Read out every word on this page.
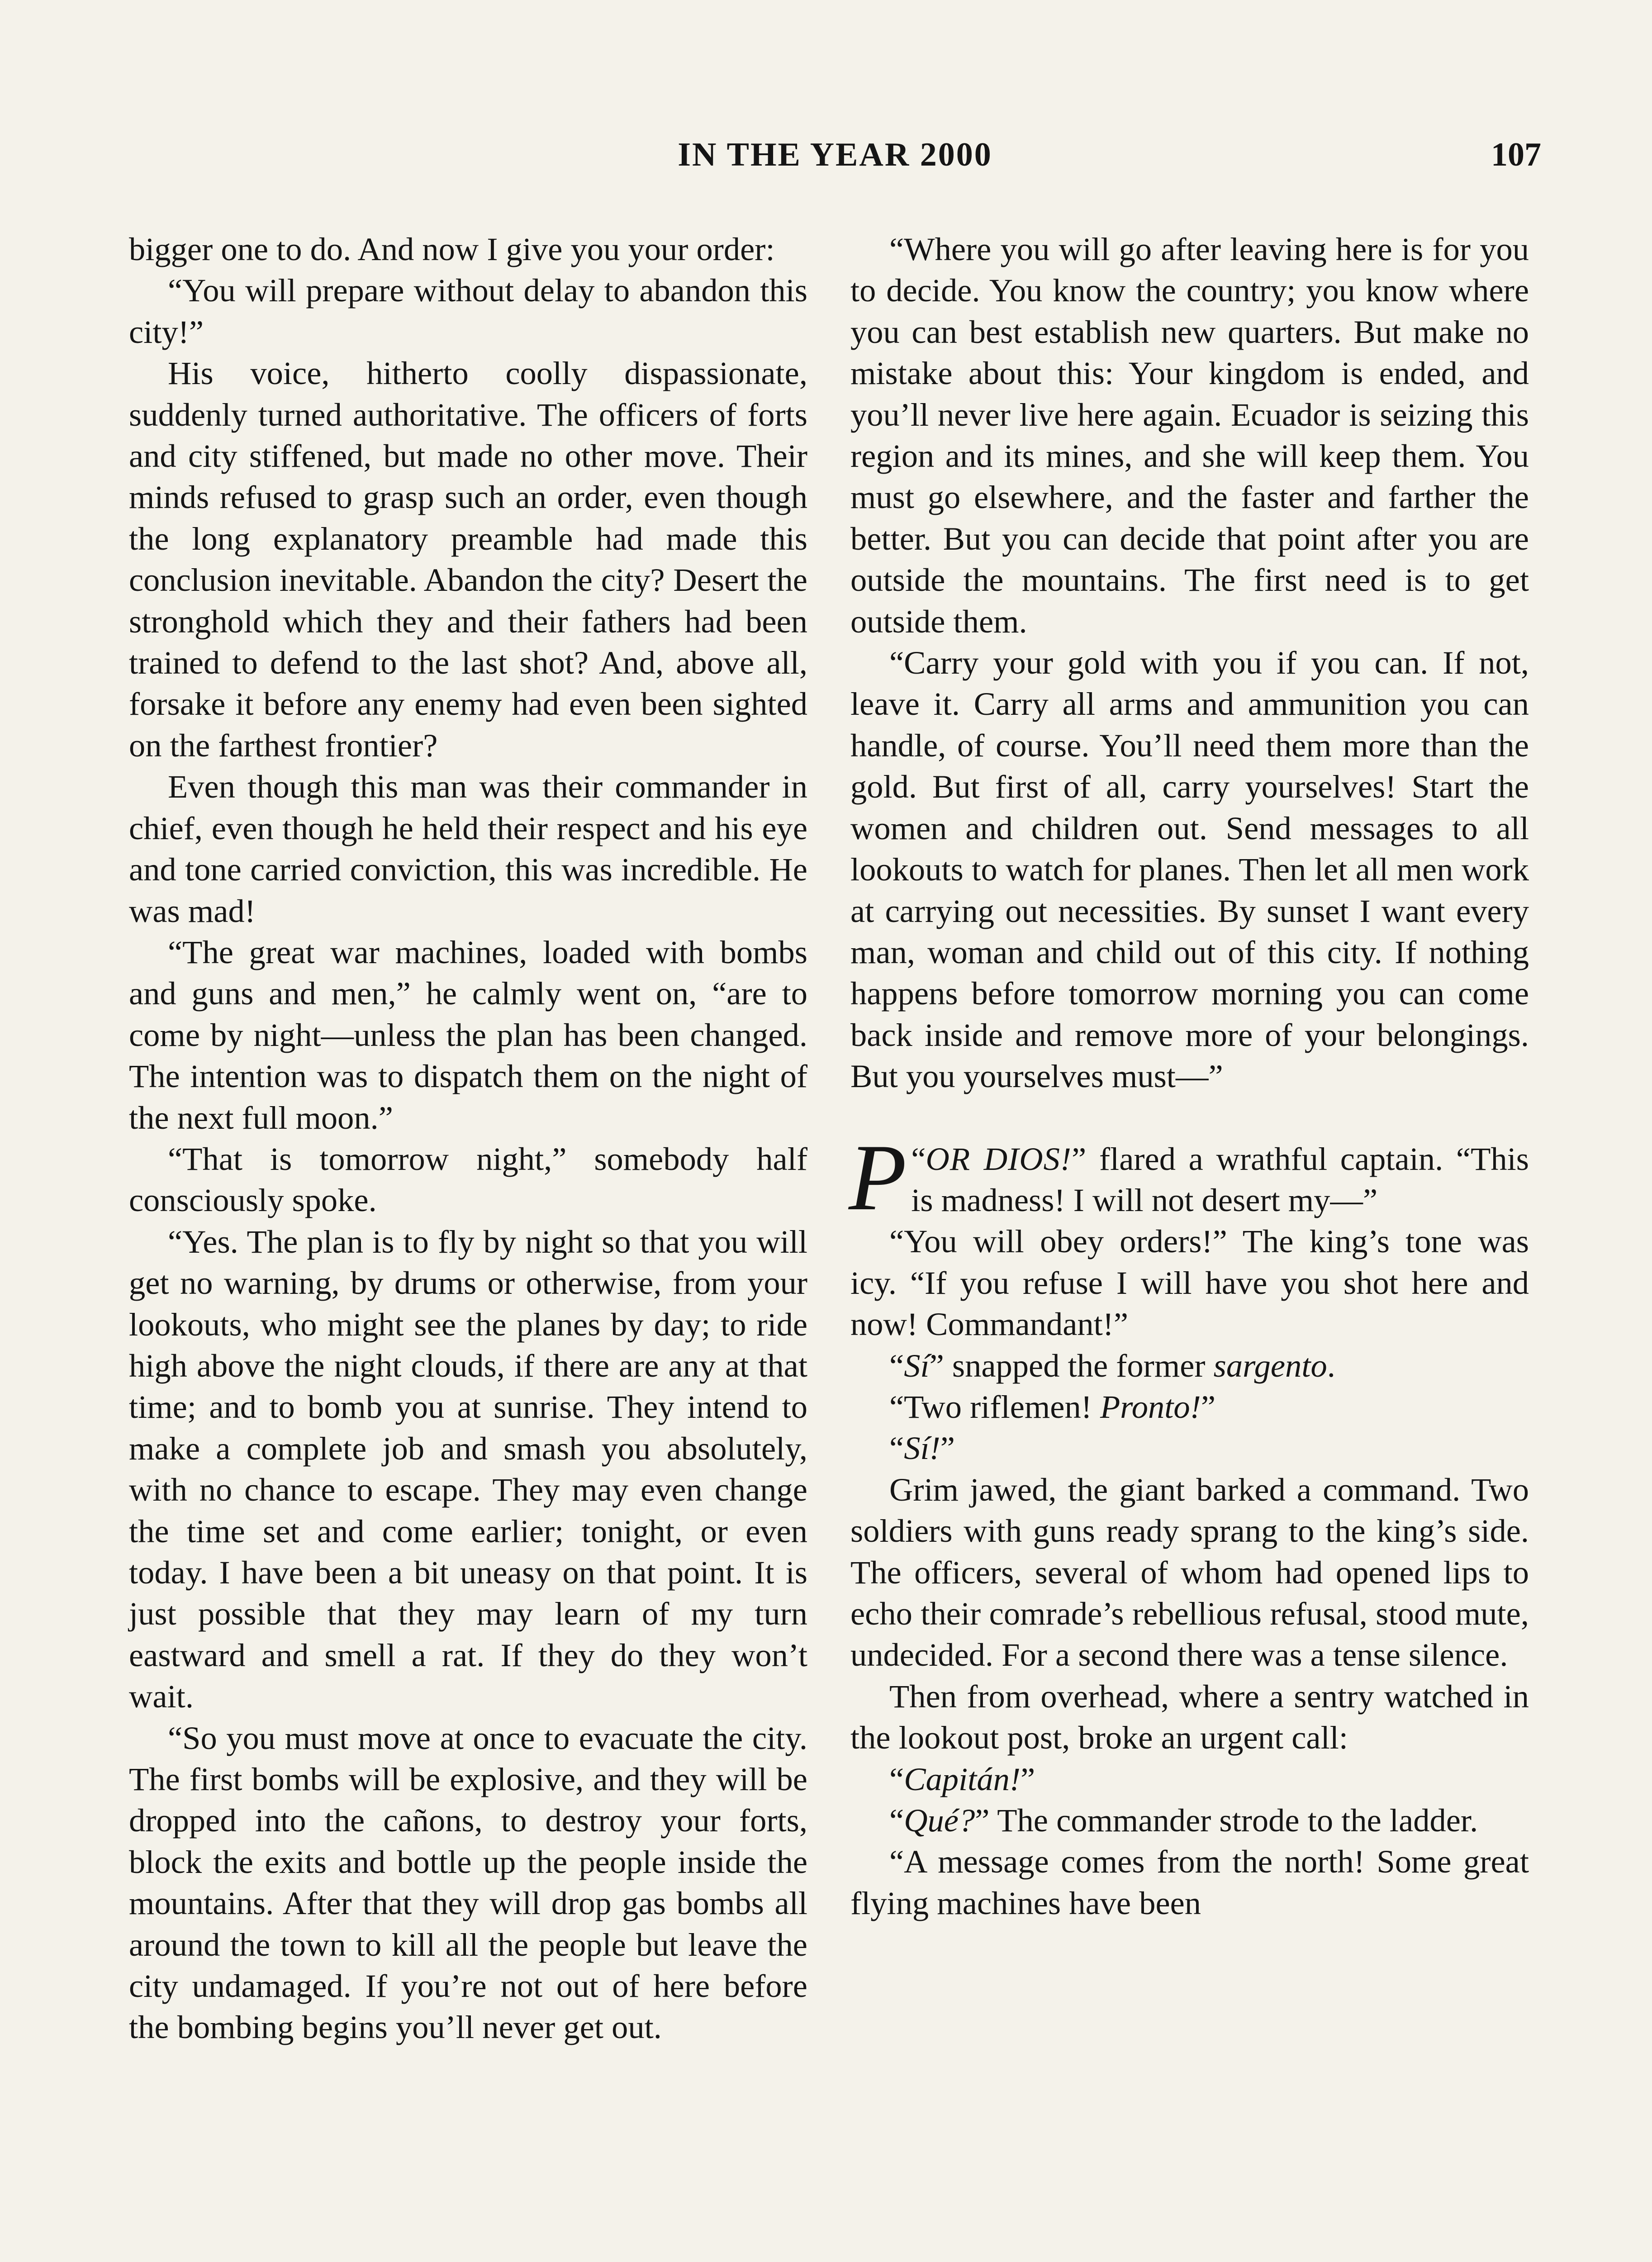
IN THE YEAR 2000	107

bigger one to do. And now I give you your order:

“You will prepare without delay to abandon this city!”

His voice, hitherto coolly dispassionate, suddenly turned authoritative. The officers of forts and city stiffened, but made no other move. Their minds refused to grasp such an order, even though the long explanatory preamble had made this conclusion inevitable. Abandon the city? Desert the stronghold which they and their fathers had been trained to defend to the last shot? And, above all, forsake it before any enemy had even been sighted on the farthest frontier?

Even though this man was their commander in chief, even though he held their respect and his eye and tone carried conviction, this was incredible. He was mad!

“The great war machines, loaded with bombs and guns and men,” he calmly went on, “are to come by night—unless the plan has been changed. The intention was to dispatch them on the night of the next full moon.”

“That is tomorrow night,” somebody half consciously spoke.

“Yes. The plan is to fly by night so that you will get no warning, by drums or otherwise, from your lookouts, who might see the planes by day; to ride high above the night clouds, if there are any at that time; and to bomb you at sunrise. They intend to make a complete job and smash you absolutely, with no chance to escape. They may even change the time set and come earlier; tonight, or even today. I have been a bit uneasy on that point. It is just possible that they may learn of my turn eastward and smell a rat. If they do they won’t wait.

“So you must move at once to evacuate the city. The first bombs will be explosive, and they will be dropped into the cañons, to destroy your forts, block the exits and bottle up the people inside the mountains. After that they will drop gas bombs all around the town to kill all the people but leave the city undamaged. If you’re not out of here before the bombing begins you’ll never get out.

“Where you will go after leaving here is for you to decide. You know the country; you know where you can best establish new quarters. But make no mistake about this: Your kingdom is ended, and you’ll never live here again. Ecuador is seizing this region and its mines, and she will keep them. You must go elsewhere, and the faster and farther the better. But you can decide that point after you are outside the mountains. The first need is to get outside them.

“Carry your gold with you if you can. If not, leave it. Carry all arms and ammunition you can handle, of course. You’ll need them more than the gold. But first of all, carry yourselves! Start the women and children out. Send messages to all lookouts to watch for planes. Then let all men work at carrying out necessities. By sunset I want every man, woman and child out of this city. If nothing happens before tomorrow morning you can come back inside and remove more of your belongings. But you yourselves must—”

“
P OR DIOS!” flared a wrathful captain. “This is madness! I will not desert my—”

“You will obey orders!” The king’s tone was icy. “If you refuse I will have you shot here and now! Commandant!”

“Sí” snapped the former sargento.

“Two riflemen! Pronto!”

“Sí!”

Grim jawed, the giant barked a command. Two soldiers with guns ready sprang to the king’s side. The officers, several of whom had opened lips to echo their comrade’s rebellious refusal, stood mute, undecided. For a second there was a tense silence.

Then from overhead, where a sentry watched in the lookout post, broke an urgent call:

“Capitán!”

“Qué?” The commander strode to the ladder.

“A message comes from the north! Some great flying machines have been
